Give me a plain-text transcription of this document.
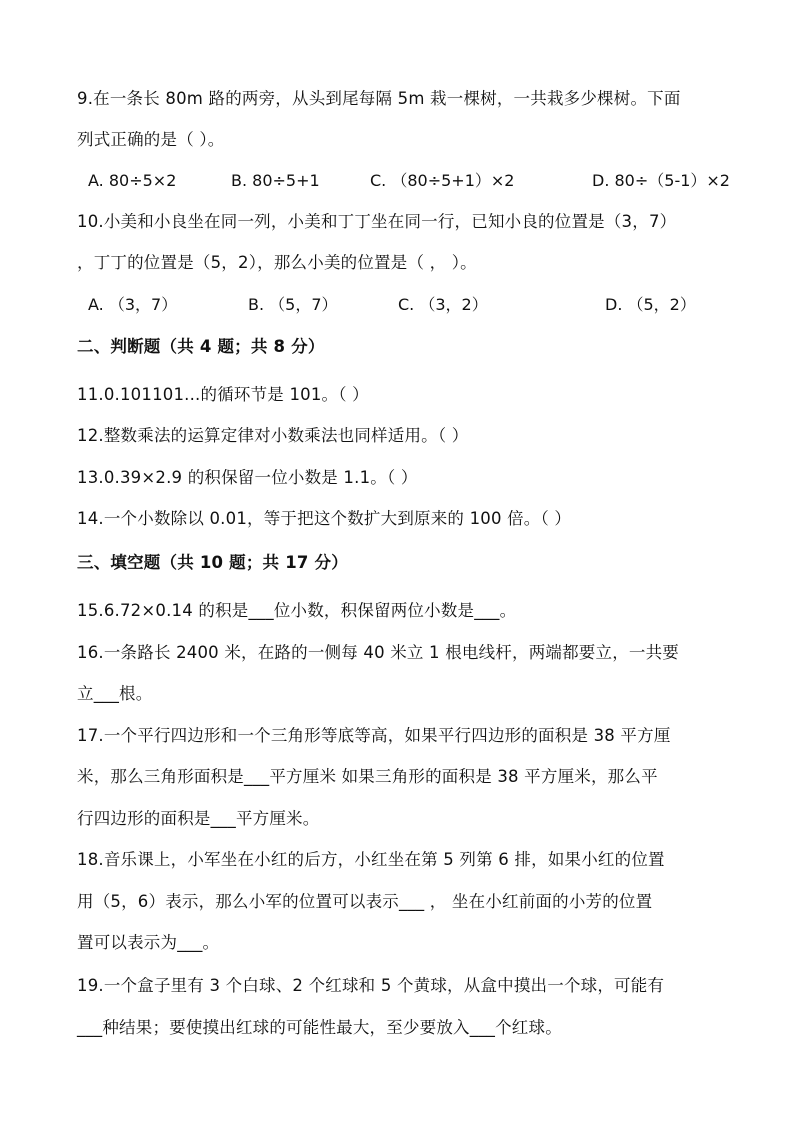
9.在一条长 80m 路的两旁，从头到尾每隔 5m 栽一棵树，一共栽多少棵树。下面
列式正确的是（ ）。
A. 80÷5×2	B. 80÷5+1	C. （80÷5+1）×2	D. 80÷（5-1）×2
10.小美和小良坐在同一列，小美和丁丁坐在同一行，已知小良的位置是（3，7）
，丁丁的位置是（5，2），那么小美的位置是（ ， ）。
A. （3，7）	B. （5，7）	C. （3，2）	D. （5，2）
二、判断题（共 4 题；共 8 分）
11.0.101101...的循环节是 101。（ ）
12.整数乘法的运算定律对小数乘法也同样适用。（ ）
13.0.39×2.9 的积保留一位小数是 1.1。（ ）
14.一个小数除以 0.01，等于把这个数扩大到原来的 100 倍。（ ）
三、填空题（共 10 题；共 17 分）
15.6.72×0.14 的积是___位小数，积保留两位小数是___。
16.一条路长 2400 米，在路的一侧每 40 米立 1 根电线杆，两端都要立，一共要
立___根。
17.一个平行四边形和一个三角形等底等高，如果平行四边形的面积是 38 平方厘
米，那么三角形面积是___平方厘米 如果三角形的面积是 38 平方厘米，那么平
行四边形的面积是___平方厘米。
18.音乐课上，小军坐在小红的后方，小红坐在第 5 列第 6 排，如果小红的位置
用（5，6）表示，那么小军的位置可以表示___ ， 坐在小红前面的小芳的位置
置可以表示为___。
19.一个盒子里有 3 个白球、2 个红球和 5 个黄球，从盒中摸出一个球，可能有
___种结果；要使摸出红球的可能性最大，至少要放入___个红球。
